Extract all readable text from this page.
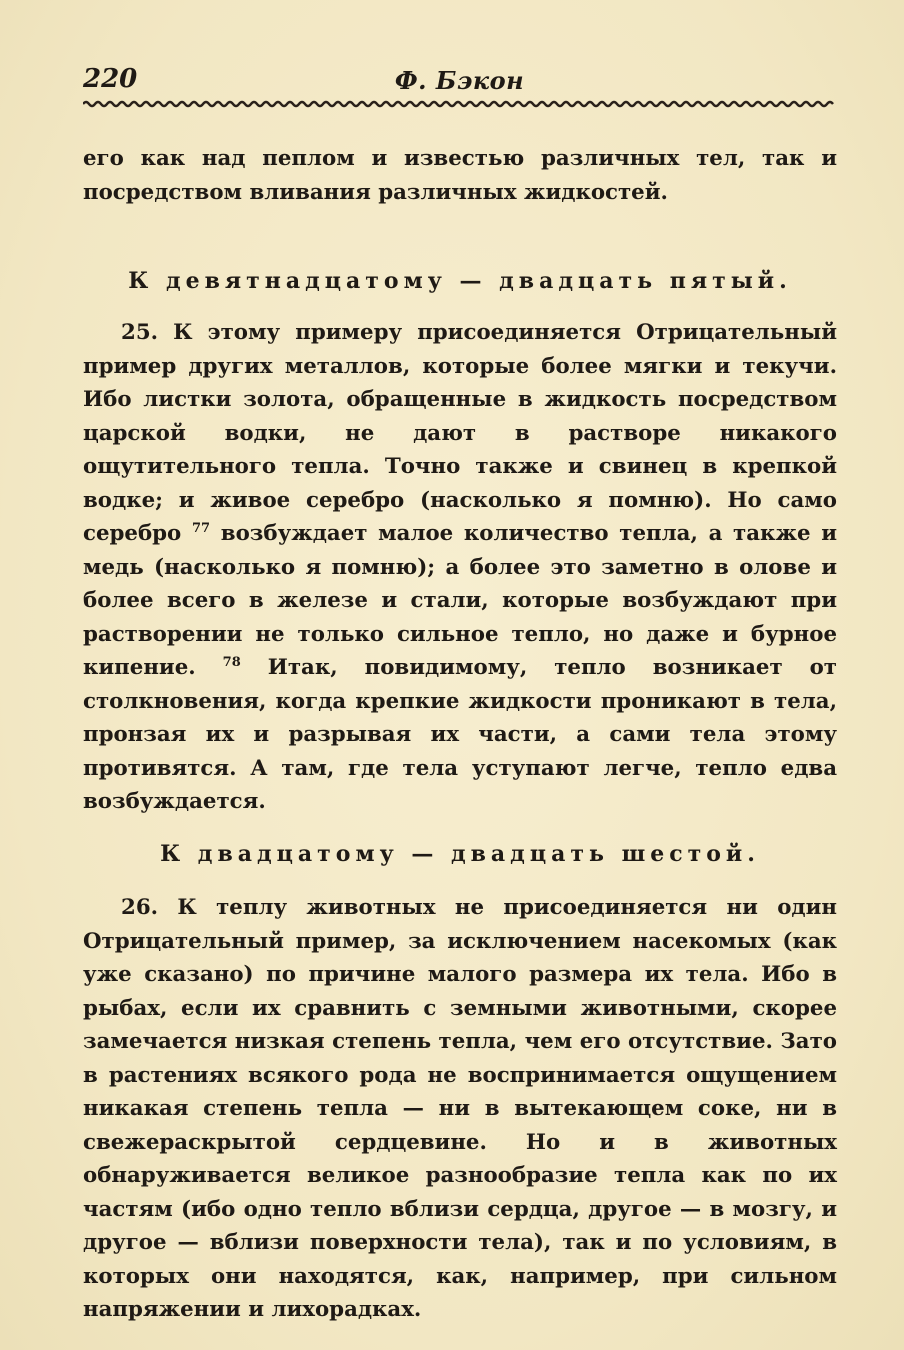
220	Ф. Бэкон

его как над пеплом и известью различных тел, так и посредством вливания различных жидкостей.

К девятнадцатому — двадцать пятый.

25. К этому примеру присоединяется Отрицательный пример других металлов, которые более мягки и текучи. Ибо листки золота, обращенные в жидкость посредством царской водки, не дают в растворе никакого ощутительного тепла. Точно также и свинец в крепкой водке; и живое серебро (насколько я помню). Но само серебро $^{77}$ возбуждает малое количество тепла, а также и медь (насколько я помню); а более это заметно в олове и более всего в железе и стали, которые возбуждают при растворении не только сильное тепло, но даже и бурное кипение. $^{78}$ Итак, повидимому, тепло возникает от столкновения, когда крепкие жидкости проникают в тела, пронзая их и разрывая их части, а сами тела этому противятся. А там, где тела уступают легче, тепло едва возбуждается.

К двадцатому — двадцать шестой.

26. К теплу животных не присоединяется ни один Отрицательный пример, за исключением насекомых (как уже сказано) по причине малого размера их тела. Ибо в рыбах, если их сравнить с земными животными, скорее замечается низкая степень тепла, чем его отсутствие. Зато в растениях всякого рода не воспринимается ощущением никакая степень тепла — ни в вытекающем соке, ни в свежераскрытой сердцевине. Но и в животных обнаруживается великое разнообразие тепла как по их частям (ибо одно тепло вблизи сердца, другое — в мозгу, и другое — вблизи поверхности тела), так и по условиям, в которых они находятся, как, например, при сильном напряжении и лихорадках.
